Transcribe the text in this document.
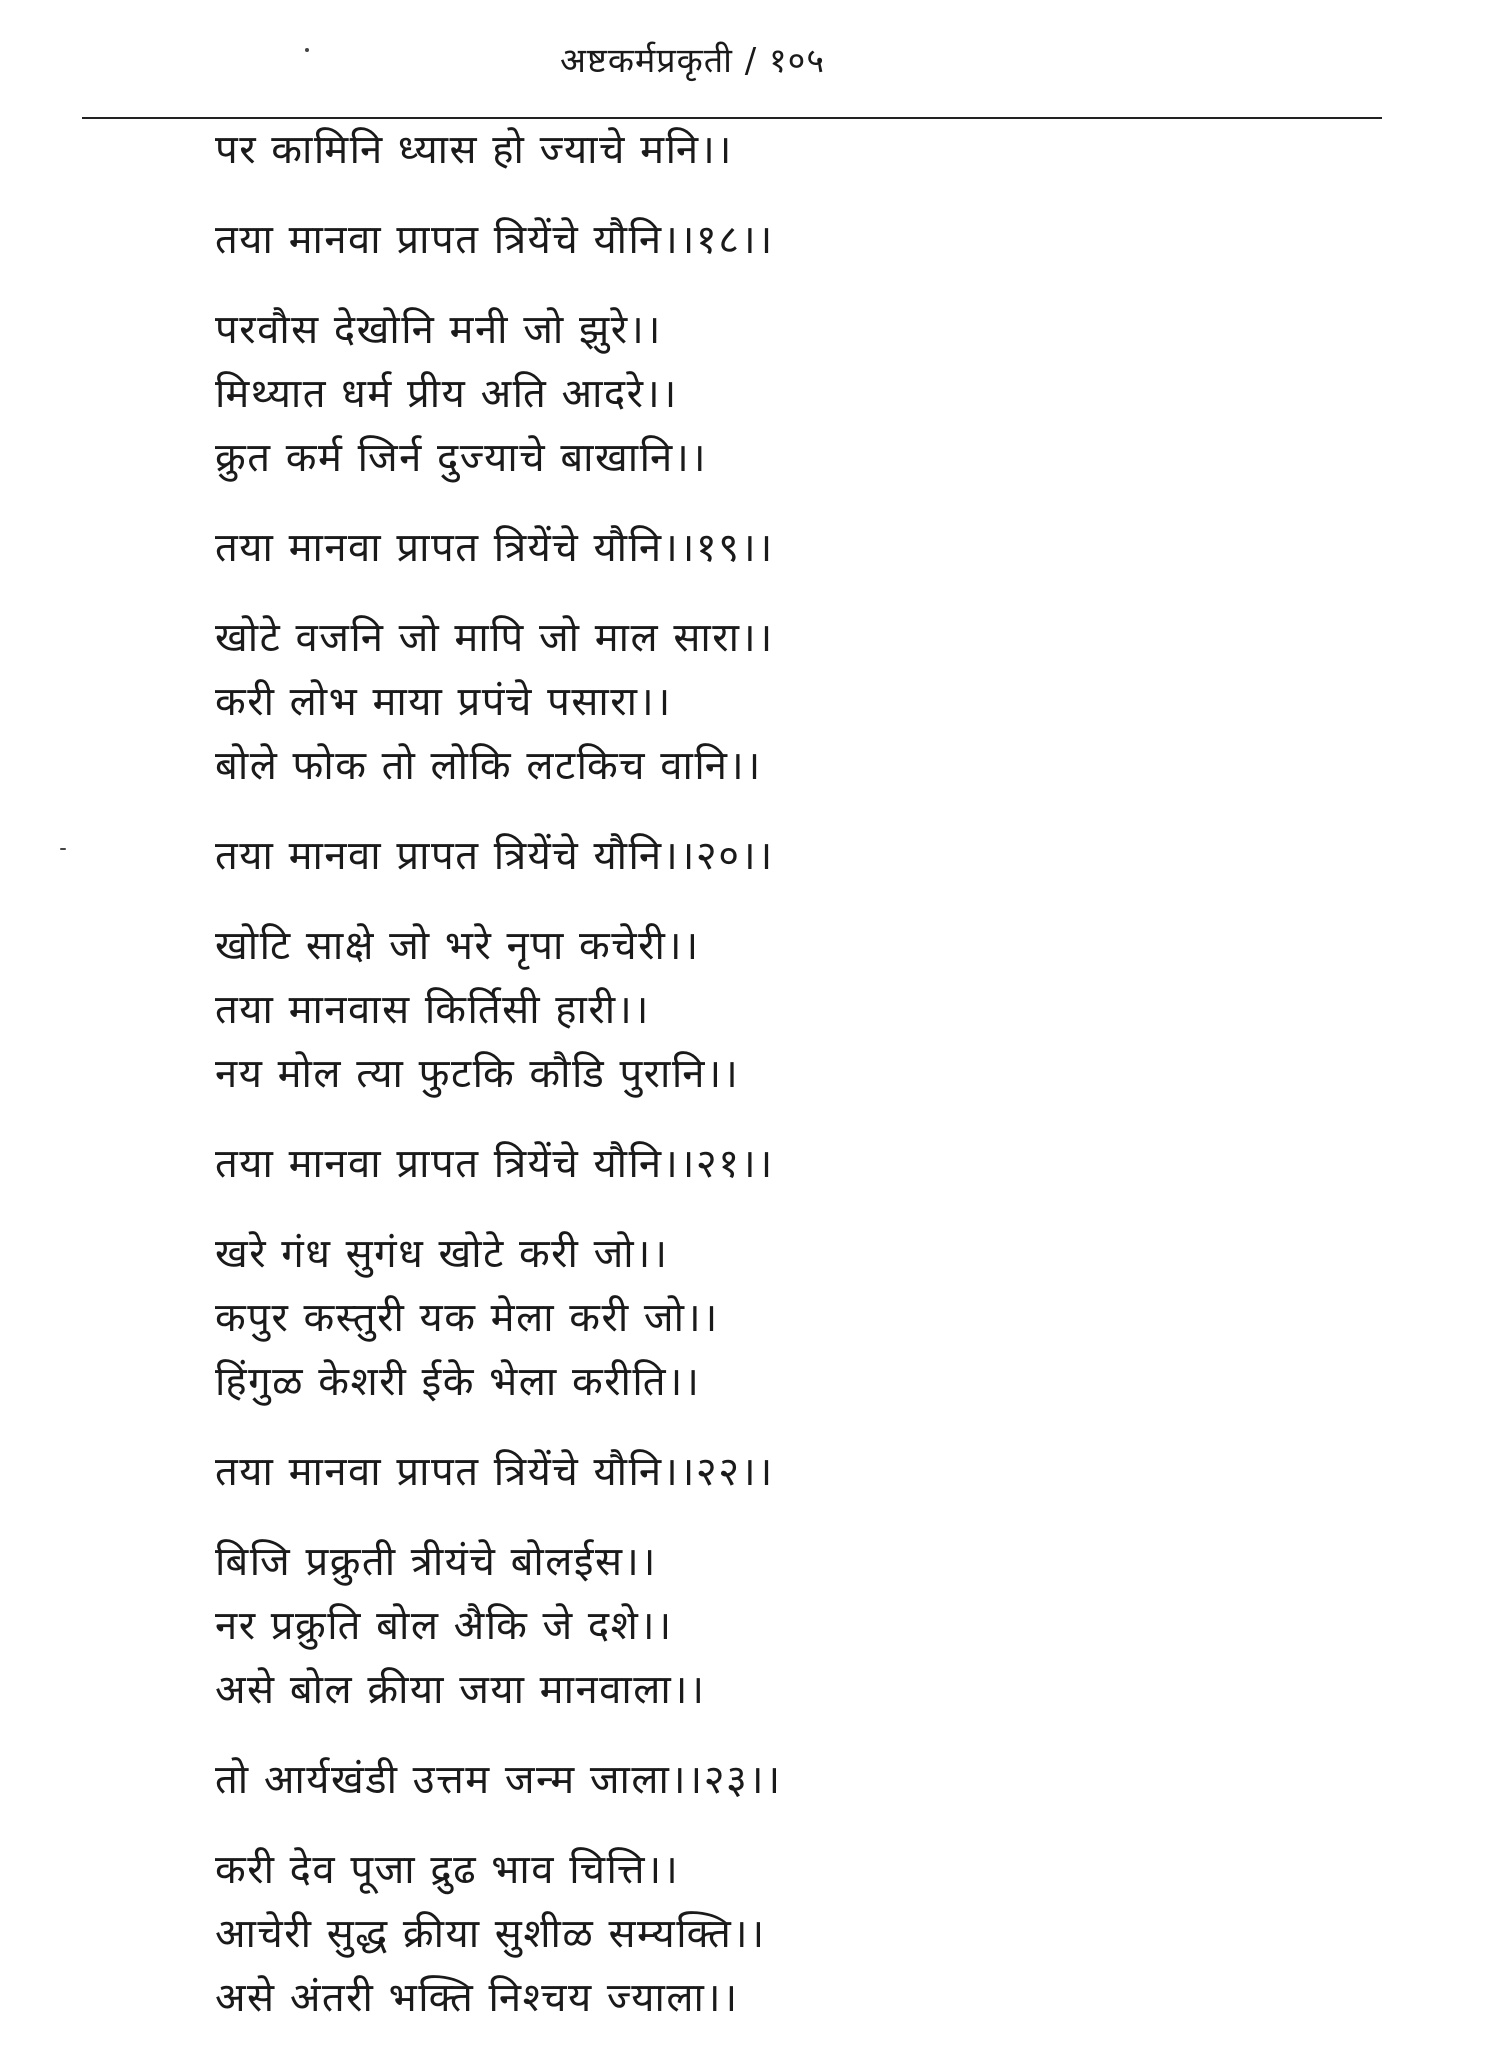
अष्टकर्मप्रकृती / १०५
पर कामिनि ध्यास हो ज्याचे मनि।।
तया मानवा प्रापत त्रियेंचे यौनि।।१८।।
परवौस देखोनि मनी जो झुरे।।
मिथ्यात धर्म प्रीय अति आदरे।।
क्रुत कर्म जिर्न दुज्याचे बाखानि।।
तया मानवा प्रापत त्रियेंचे यौनि।।१९।।
खोटे वजनि जो मापि जो माल सारा।।
करी लोभ माया प्रपंचे पसारा।।
बोले फोक तो लोकि लटकिच वानि।।
तया मानवा प्रापत त्रियेंचे यौनि।।२०।।
खोटि साक्षे जो भरे नृपा कचेरी।।
तया मानवास किर्तिसी हारी।।
नय मोल त्या फुटकि कौडि पुरानि।।
तया मानवा प्रापत त्रियेंचे यौनि।।२१।।
खरे गंध सुगंध खोटे करी जो।।
कपुर कस्तुरी यक मेला करी जो।।
हिंगुळ केशरी ईके भेला करीति।।
तया मानवा प्रापत त्रियेंचे यौनि।।२२।।
बिजि प्रक्रुती त्रीयंचे बोलईस।।
नर प्रक्रुति बोल अैकि जे दशे।।
असे बोल क्रीया जया मानवाला।।
तो आर्यखंडी उत्तम जन्म जाला।।२३।।
करी देव पूजा द्रुढ भाव चित्ति।।
आचेरी सुद्ध क्रीया सुशीळ सम्यक्ति।।
असे अंतरी भक्ति निश्चय ज्याला।।
